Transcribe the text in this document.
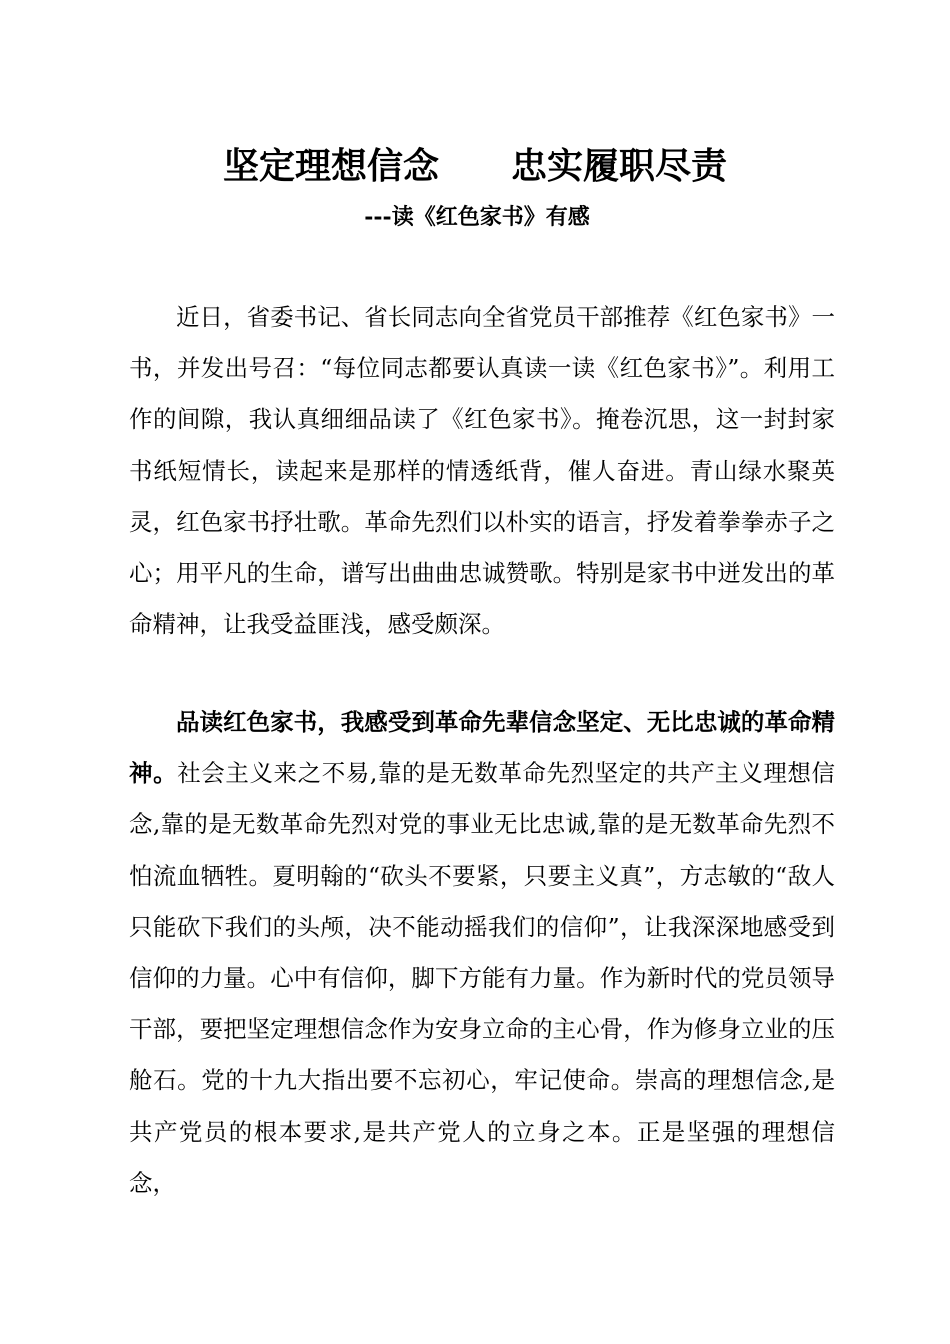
坚定理想信念 忠实履职尽责
---读《红色家书》有感

近日，省委书记、省长同志向全省党员干部推荐《红色家书》一书，并发出号召：“每位同志都要认真读一读《红色家书》”。利用工作的间隙，我认真细细品读了《红色家书》。掩卷沉思，这一封封家书纸短情长，读起来是那样的情透纸背，催人奋进。青山绿水聚英灵，红色家书抒壮歌。革命先烈们以朴实的语言，抒发着拳拳赤子之心；用平凡的生命，谱写出曲曲忠诚赞歌。特别是家书中迸发出的革命精神，让我受益匪浅，感受颇深。

品读红色家书，我感受到革命先辈信念坚定、无比忠诚的革命精神。社会主义来之不易,靠的是无数革命先烈坚定的共产主义理想信念,靠的是无数革命先烈对党的事业无比忠诚,靠的是无数革命先烈不怕流血牺牲。夏明翰的“砍头不要紧，只要主义真”，方志敏的“敌人只能砍下我们的头颅，决不能动摇我们的信仰”，让我深深地感受到信仰的力量。心中有信仰，脚下方能有力量。作为新时代的党员领导干部，要把坚定理想信念作为安身立命的主心骨，作为修身立业的压舱石。党的十九大指出要不忘初心，牢记使命。崇高的理想信念,是共产党员的根本要求,是共产党人的立身之本。正是坚强的理想信念，
